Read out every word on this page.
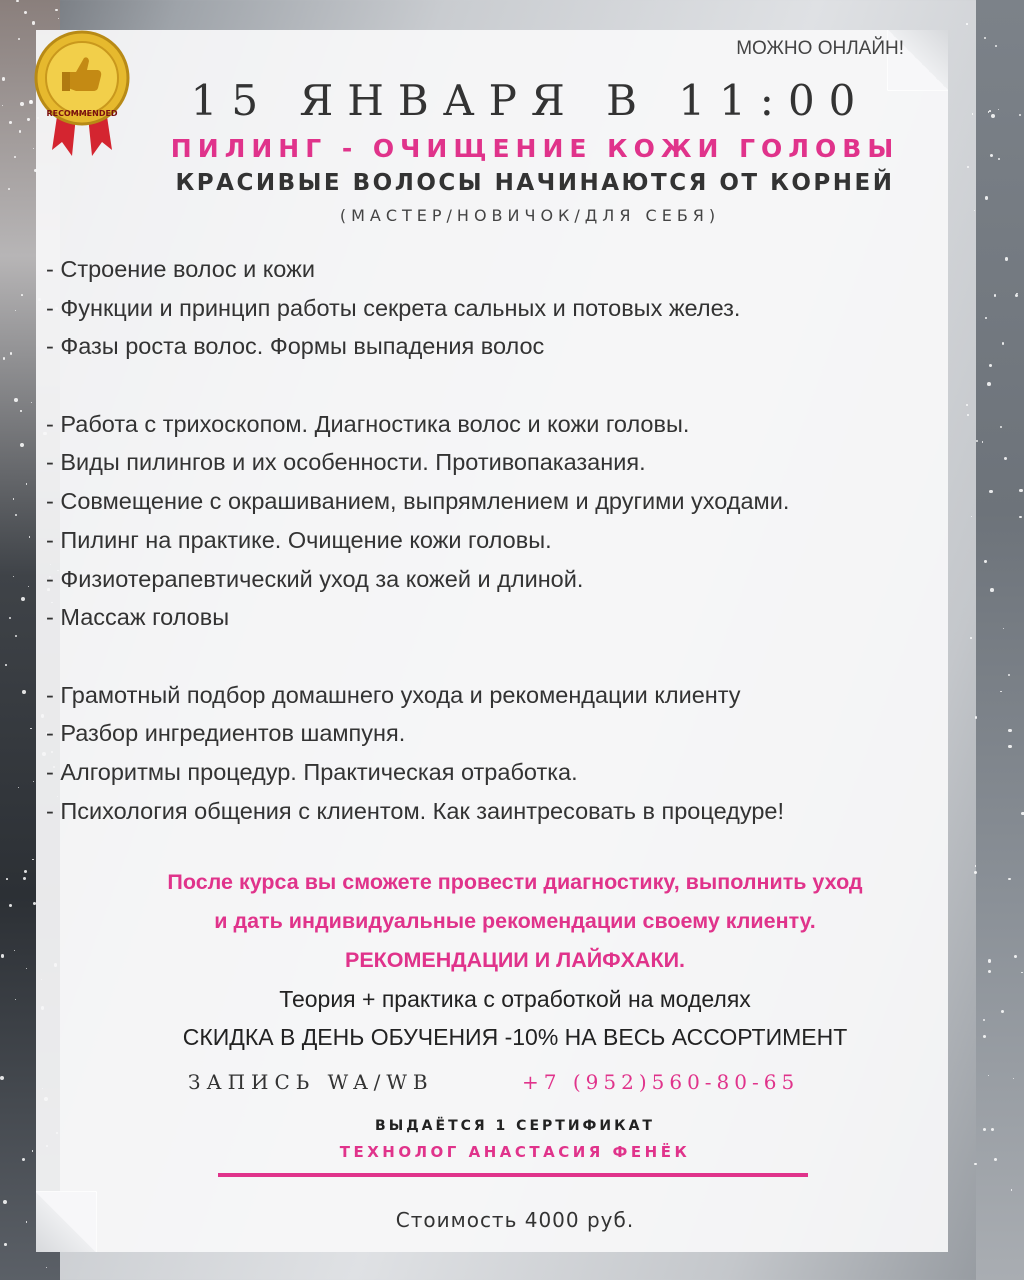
RECOMMENDED
МОЖНО ОНЛАЙН!
15 ЯНВАРЯ В 11:00
ПИЛИНГ - ОЧИЩЕНИЕ КОЖИ ГОЛОВЫ
КРАСИВЫЕ ВОЛОСЫ НАЧИНАЮТСЯ ОТ КОРНЕЙ
(МАСТЕР/НОВИЧОК/ДЛЯ СЕБЯ)
- Строение волос и кожи
- Функции и принцип работы секрета сальных и потовых желез.
- Фазы роста волос. Формы выпадения волос
- Работа с трихоскопом. Диагностика волос и кожи головы.
- Виды пилингов и их особенности. Противопаказания.
- Совмещение с окрашиванием, выпрямлением и другими уходами.
- Пилинг на практике. Очищение кожи головы.
- Физиотерапевтический уход за кожей и длиной.
- Массаж головы
- Грамотный подбор домашнего ухода и рекомендации клиенту
- Разбор ингредиентов шампуня.
- Алгоритмы процедур. Практическая отработка.
- Психология общения с клиентом. Как заинтресовать в процедуре!
После курса вы сможете провести диагностику, выполнить уход
и дать индивидуальные рекомендации своему клиенту.
РЕКОМЕНДАЦИИ И ЛАЙФХАКИ.
Теория + практика с отработкой на моделях
СКИДКА В ДЕНЬ ОБУЧЕНИЯ -10% НА ВЕСЬ АССОРТИМЕНТ
ЗАПИСЬ WA/WB	+7 (952)560-80-65
ВЫДАЁТСЯ 1 СЕРТИФИКАТ
ТЕХНОЛОГ АНАСТАСИЯ ФЕНЁК
Стоимость 4000 руб.
